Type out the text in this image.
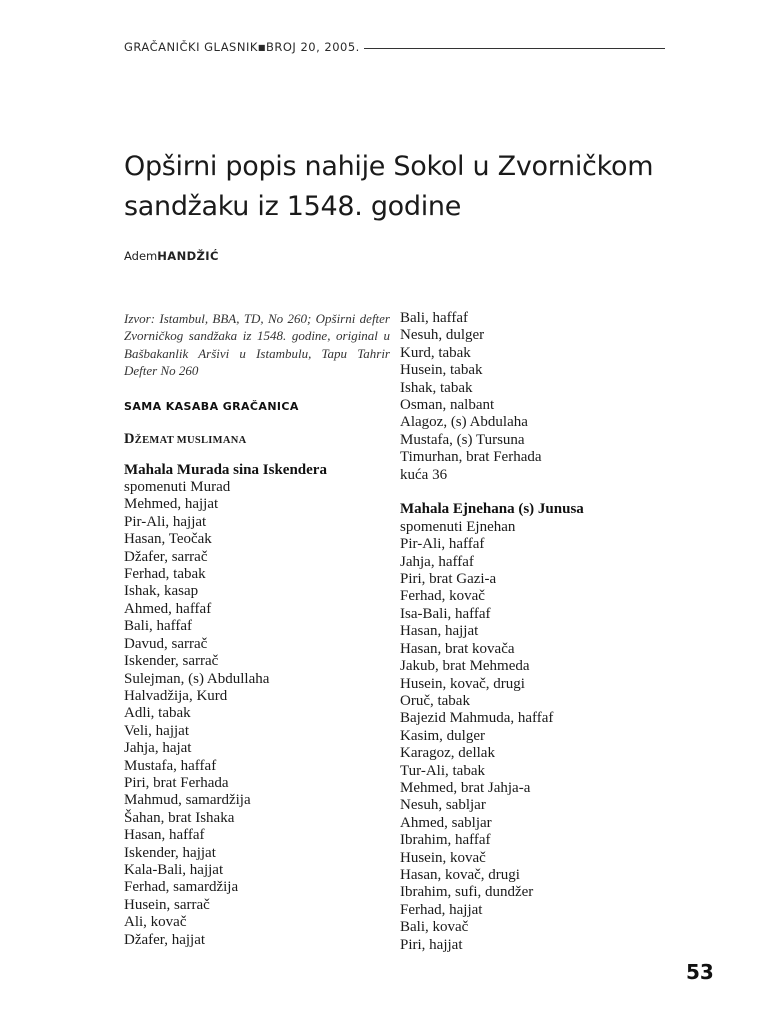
GRAČANIČKI GLASNIK■BROJ 20, 2005.
Opširni popis nahije Sokol u Zvorničkom sandžaku iz 1548. godine
AdemHANDŽIĆ

Izvor: Istambul, BBA, TD, No 260; Opširni defter Zvorničkog sandžaka iz 1548. godine, original u Bašbakanlik Aršivi u Istambulu, Tapu Tahrir Defter No 260

SAMA KASABA GRAČANICA
DŽEMAT MUSLIMANA
Mahala Murada sina Iskendera
spomenuti Murad
Mehmed, hajjat
Pir-Ali, hajjat
Hasan, Teočak
Džafer, sarrač
Ferhad, tabak
Ishak, kasap
Ahmed, haffaf
Bali, haffaf
Davud, sarrač
Iskender, sarrač
Sulejman, (s) Abdullaha
Halvadžija, Kurd
Adli, tabak
Veli, hajjat
Jahja, hajat
Mustafa, haffaf
Piri, brat Ferhada
Mahmud, samardžija
Šahan, brat Ishaka
Hasan, haffaf
Iskender, hajjat
Kala-Bali, hajjat
Ferhad, samardžija
Husein, sarrač
Ali, kovač
Džafer, hajjat
Bali, haffaf
Nesuh, dulger
Kurd, tabak
Husein, tabak
Ishak, tabak
Osman, nalbant
Alagoz, (s) Abdulaha
Mustafa, (s) Tursuna
Timurhan, brat Ferhada
kuća 36
Mahala Ejnehana (s) Junusa
spomenuti Ejnehan
Pir-Ali, haffaf
Jahja, haffaf
Piri, brat Gazi-a
Ferhad, kovač
Isa-Bali, haffaf
Hasan, hajjat
Hasan, brat kovača
Jakub, brat Mehmeda
Husein, kovač, drugi
Oruč, tabak
Bajezid Mahmuda, haffaf
Kasim, dulger
Karagoz, dellak
Tur-Ali, tabak
Mehmed, brat Jahja-a
Nesuh, sabljar
Ahmed, sabljar
Ibrahim, haffaf
Husein, kovač
Hasan, kovač, drugi
Ibrahim, sufi, dundžer
Ferhad, hajjat
Bali, kovač
Piri, hajjat
53
